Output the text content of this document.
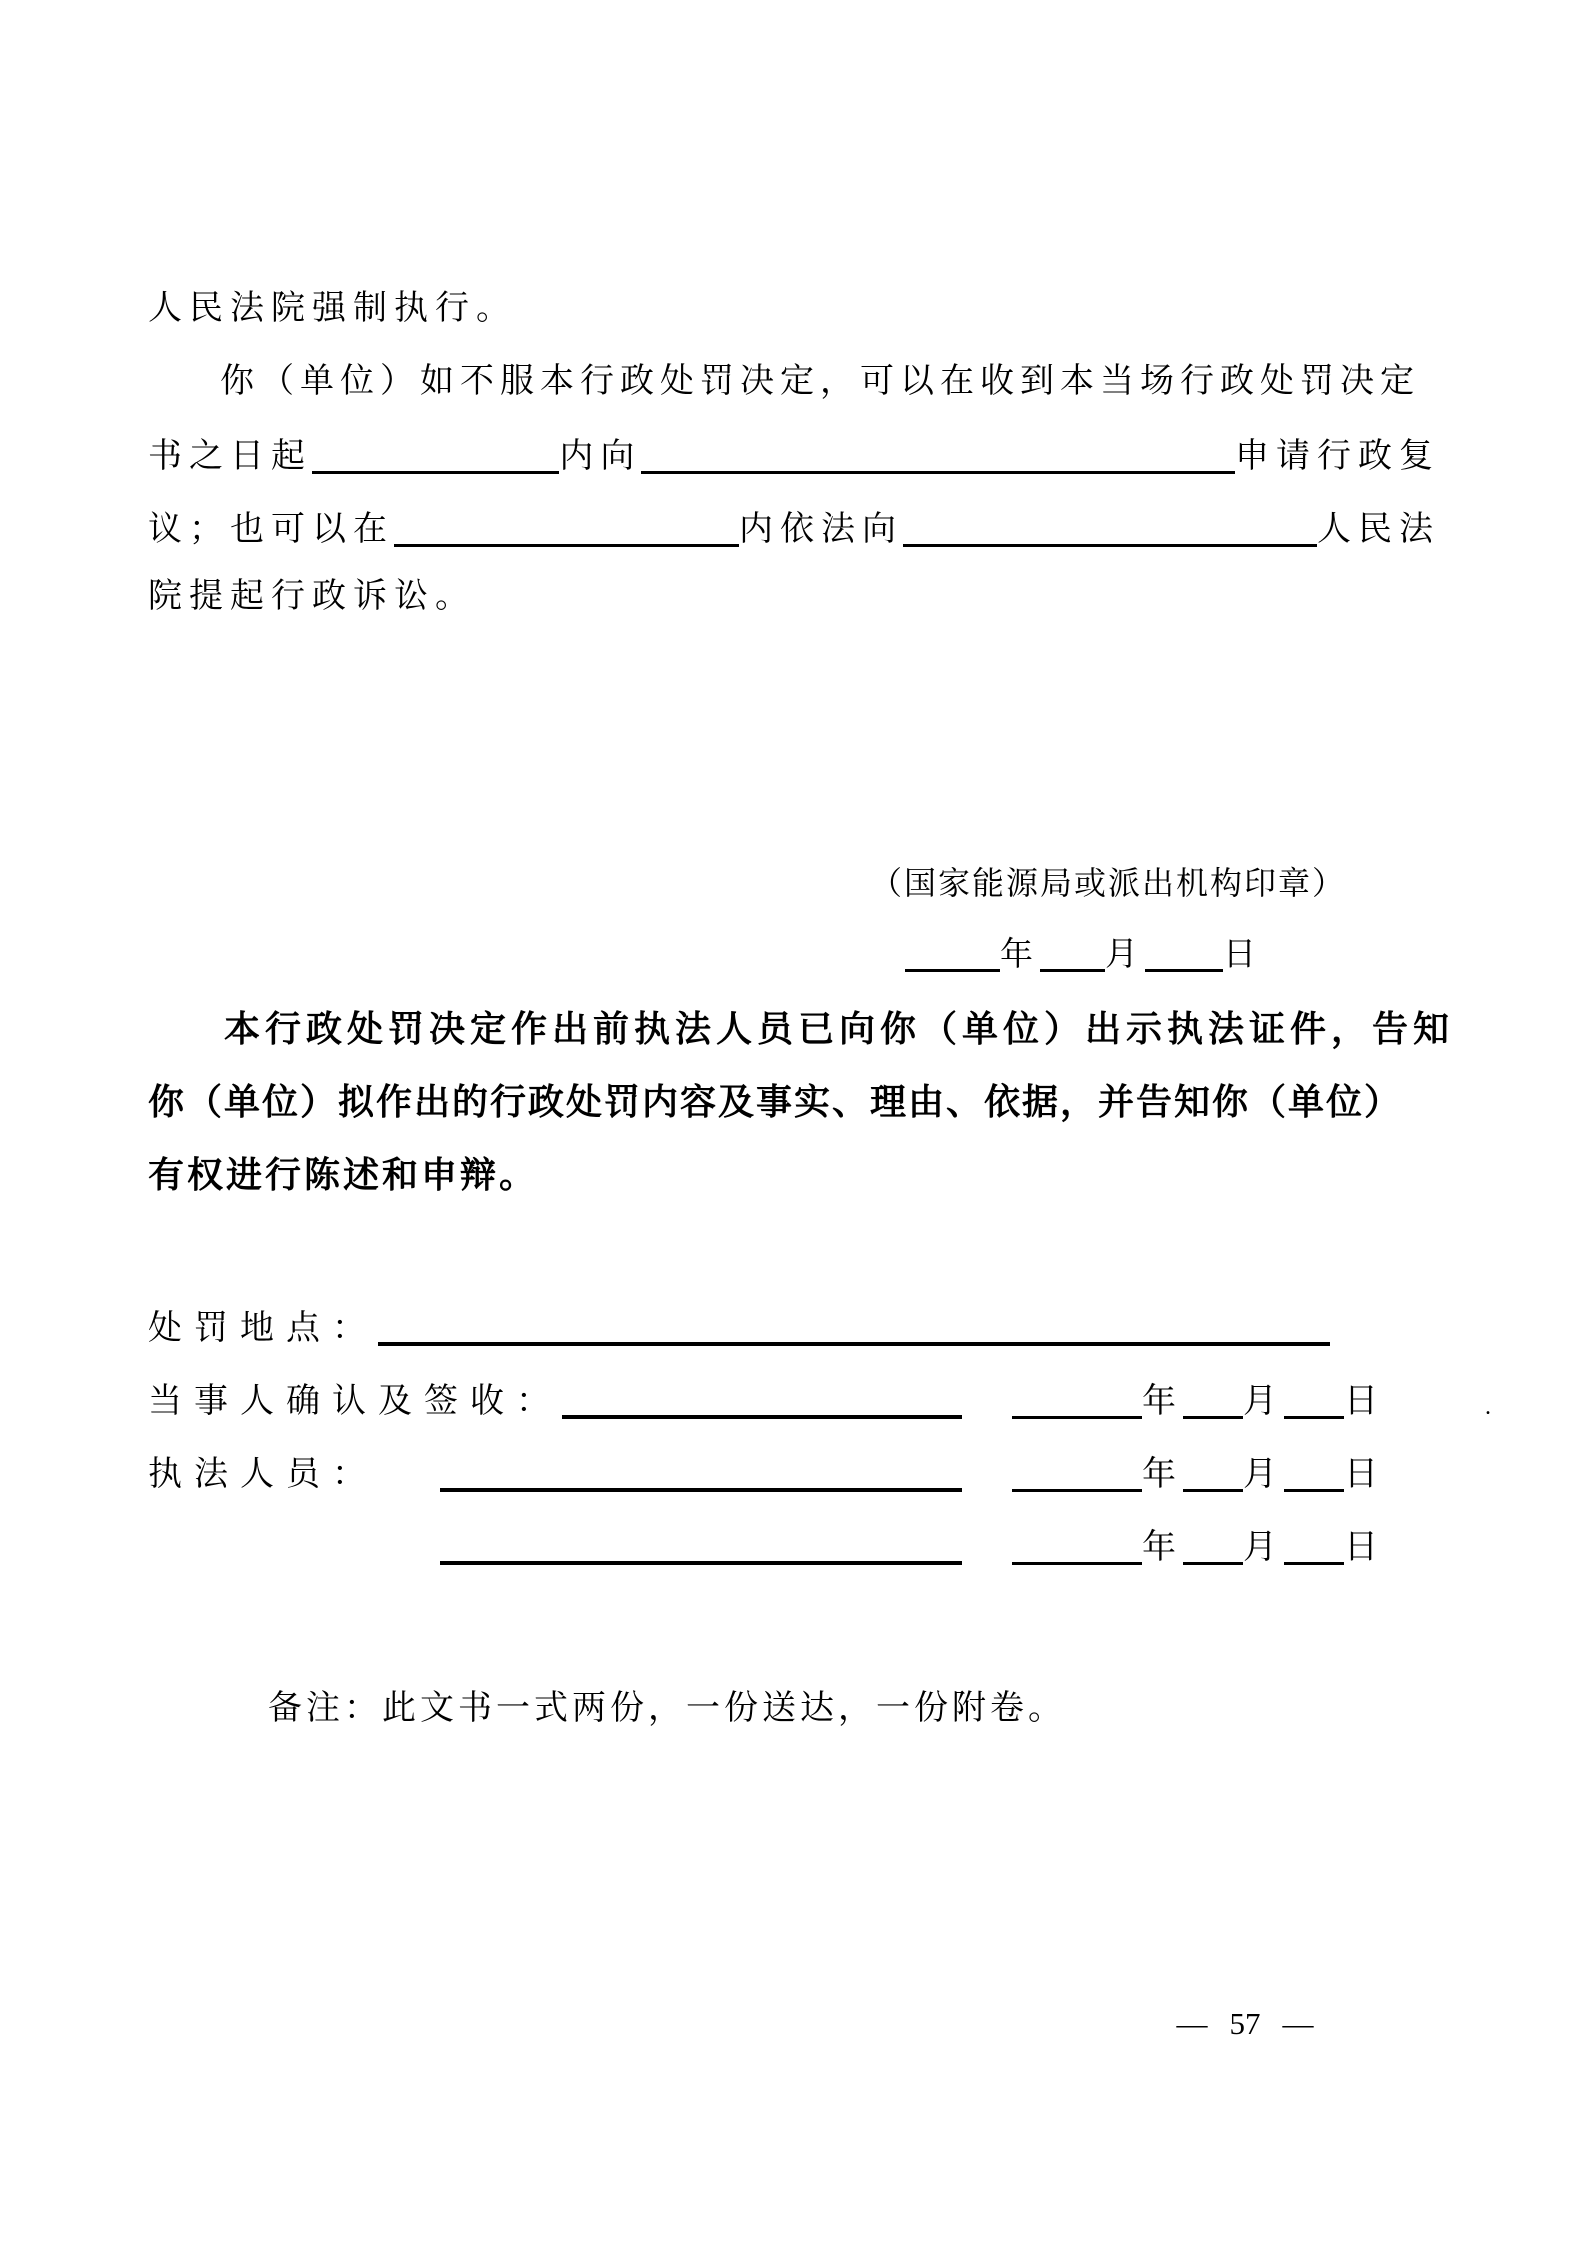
人民法院强制执行。
你（单位）如不服本行政处罚决定，可以在收到本当场行政处罚决定
书之日起	内向	申请行政复
议；也可以在	内依法向	人民法
院提起行政诉讼。
（国家能源局或派出机构印章）
年 月 日
本行政处罚决定作出前执法人员已向你（单位）出示执法证件，告知
你（单位）拟作出的行政处罚内容及事实、理由、依据，并告知你（单位）
有权进行陈述和申辩。
处罚地点：
当事人确认及签收：	年 月 日	.
执法人员：	年 月 日
年 月 日
备注：此文书一式两份，一份送达，一份附卷。
— 57 —
